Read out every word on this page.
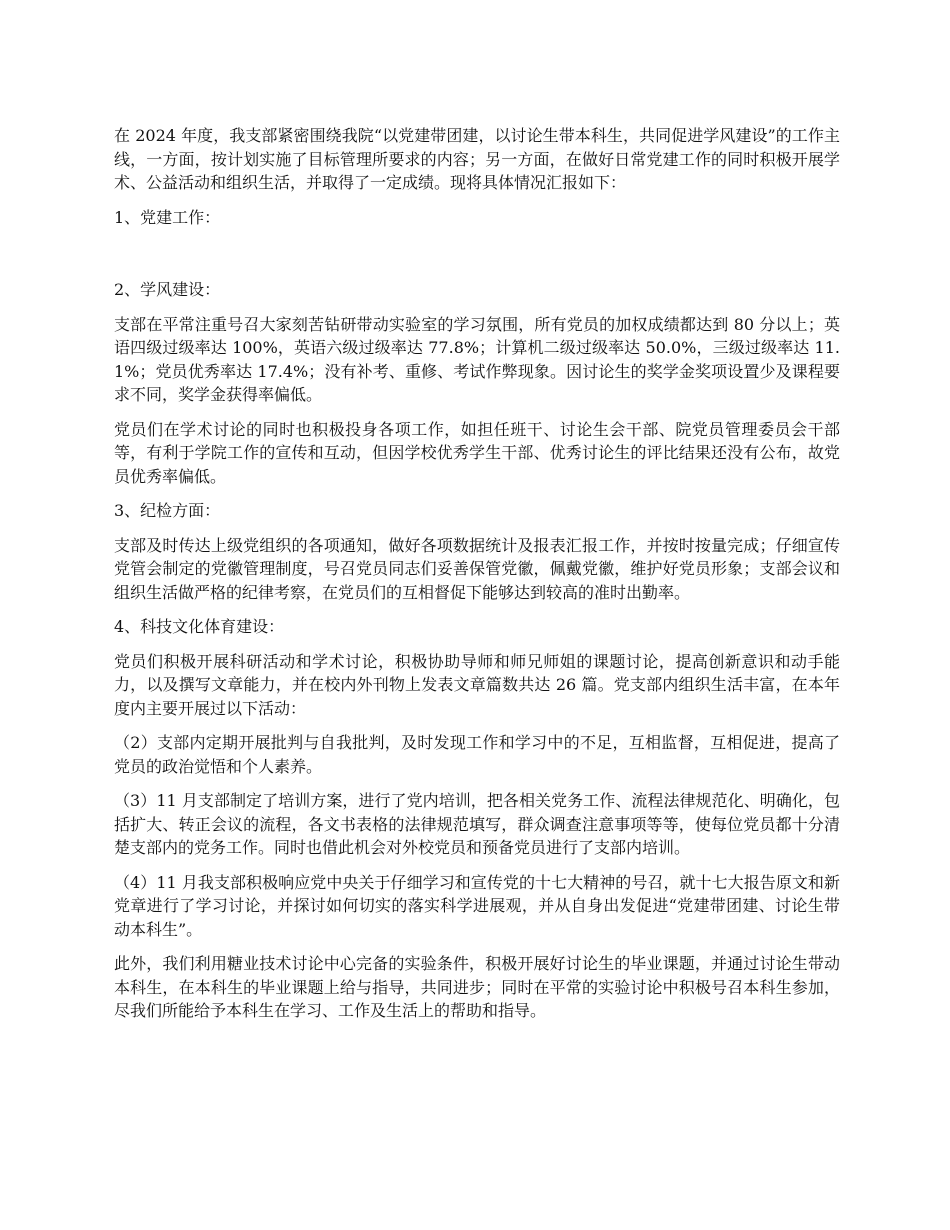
在 2024 年度，我支部紧密围绕我院“以党建带团建，以讨论生带本科生，共同促进学风建设”的工作主线，一方面，按计划实施了目标管理所要求的内容；另一方面，在做好日常党建工作的同时积极开展学术、公益活动和组织生活，并取得了一定成绩。现将具体情况汇报如下：

1、党建工作：

2、学风建设：

支部在平常注重号召大家刻苦钻研带动实验室的学习氛围，所有党员的加权成绩都达到 80 分以上；英语四级过级率达 100%，英语六级过级率达 77.8%；计算机二级过级率达 50.0%，三级过级率达 11.1%；党员优秀率达 17.4%；没有补考、重修、考试作弊现象。因讨论生的奖学金奖项设置少及课程要求不同，奖学金获得率偏低。

党员们在学术讨论的同时也积极投身各项工作，如担任班干、讨论生会干部、院党员管理委员会干部等，有利于学院工作的宣传和互动，但因学校优秀学生干部、优秀讨论生的评比结果还没有公布，故党员优秀率偏低。

3、纪检方面：

支部及时传达上级党组织的各项通知，做好各项数据统计及报表汇报工作，并按时按量完成；仔细宣传党管会制定的党徽管理制度，号召党员同志们妥善保管党徽，佩戴党徽，维护好党员形象；支部会议和组织生活做严格的纪律考察，在党员们的互相督促下能够达到较高的准时出勤率。

4、科技文化体育建设：

党员们积极开展科研活动和学术讨论，积极协助导师和师兄师姐的课题讨论，提高创新意识和动手能力，以及撰写文章能力，并在校内外刊物上发表文章篇数共达 26 篇。党支部内组织生活丰富，在本年度内主要开展过以下活动：

（2）支部内定期开展批判与自我批判，及时发现工作和学习中的不足，互相监督，互相促进，提高了党员的政治觉悟和个人素养。

（3）11 月支部制定了培训方案，进行了党内培训，把各相关党务工作、流程法律规范化、明确化，包括扩大、转正会议的流程，各文书表格的法律规范填写，群众调查注意事项等等，使每位党员都十分清楚支部内的党务工作。同时也借此机会对外校党员和预备党员进行了支部内培训。

（4）11 月我支部积极响应党中央关于仔细学习和宣传党的十七大精神的号召，就十七大报告原文和新党章进行了学习讨论，并探讨如何切实的落实科学进展观，并从自身出发促进“党建带团建、讨论生带动本科生”。

此外，我们利用糖业技术讨论中心完备的实验条件，积极开展好讨论生的毕业课题，并通过讨论生带动本科生，在本科生的毕业课题上给与指导，共同进步；同时在平常的实验讨论中积极号召本科生参加，尽我们所能给予本科生在学习、工作及生活上的帮助和指导。
